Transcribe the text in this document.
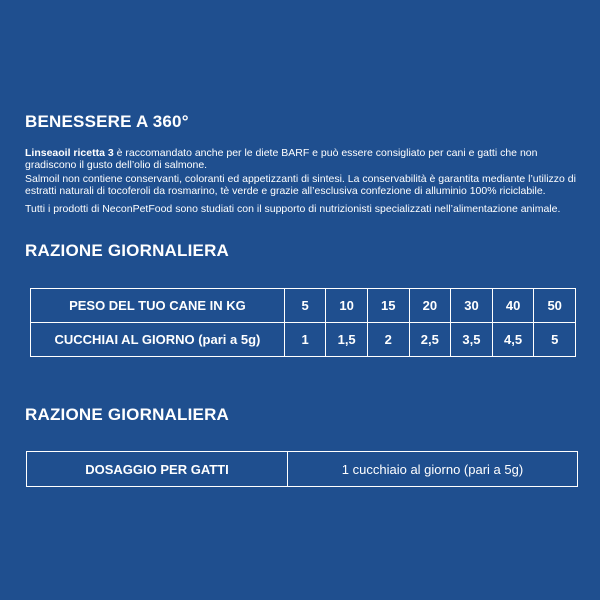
BENESSERE A 360°
Linseaoil ricetta 3 è raccomandato anche per le diete BARF e può essere consigliato per cani e gatti che non gradiscono il gusto dell’olio di salmone.
Salmoil non contiene conservanti, coloranti ed appetizzanti di sintesi. La conservabilità è garantita mediante l’utilizzo di estratti naturali di tocoferoli da rosmarino, tè verde e grazie all’esclusiva confezione di alluminio 100% riciclabile.
Tutti i prodotti di NeconPetFood sono studiati con il supporto di nutrizionisti specializzati nell’alimentazione animale.
RAZIONE GIORNALIERA
PESO DEL TUO CANE IN KG	5	10	15	20	30	40	50
CUCCHIAI AL GIORNO (pari a 5g)	1	1,5	2	2,5	3,5	4,5	5
RAZIONE GIORNALIERA
DOSAGGIO PER GATTI	1 cucchiaio al giorno (pari a 5g)
